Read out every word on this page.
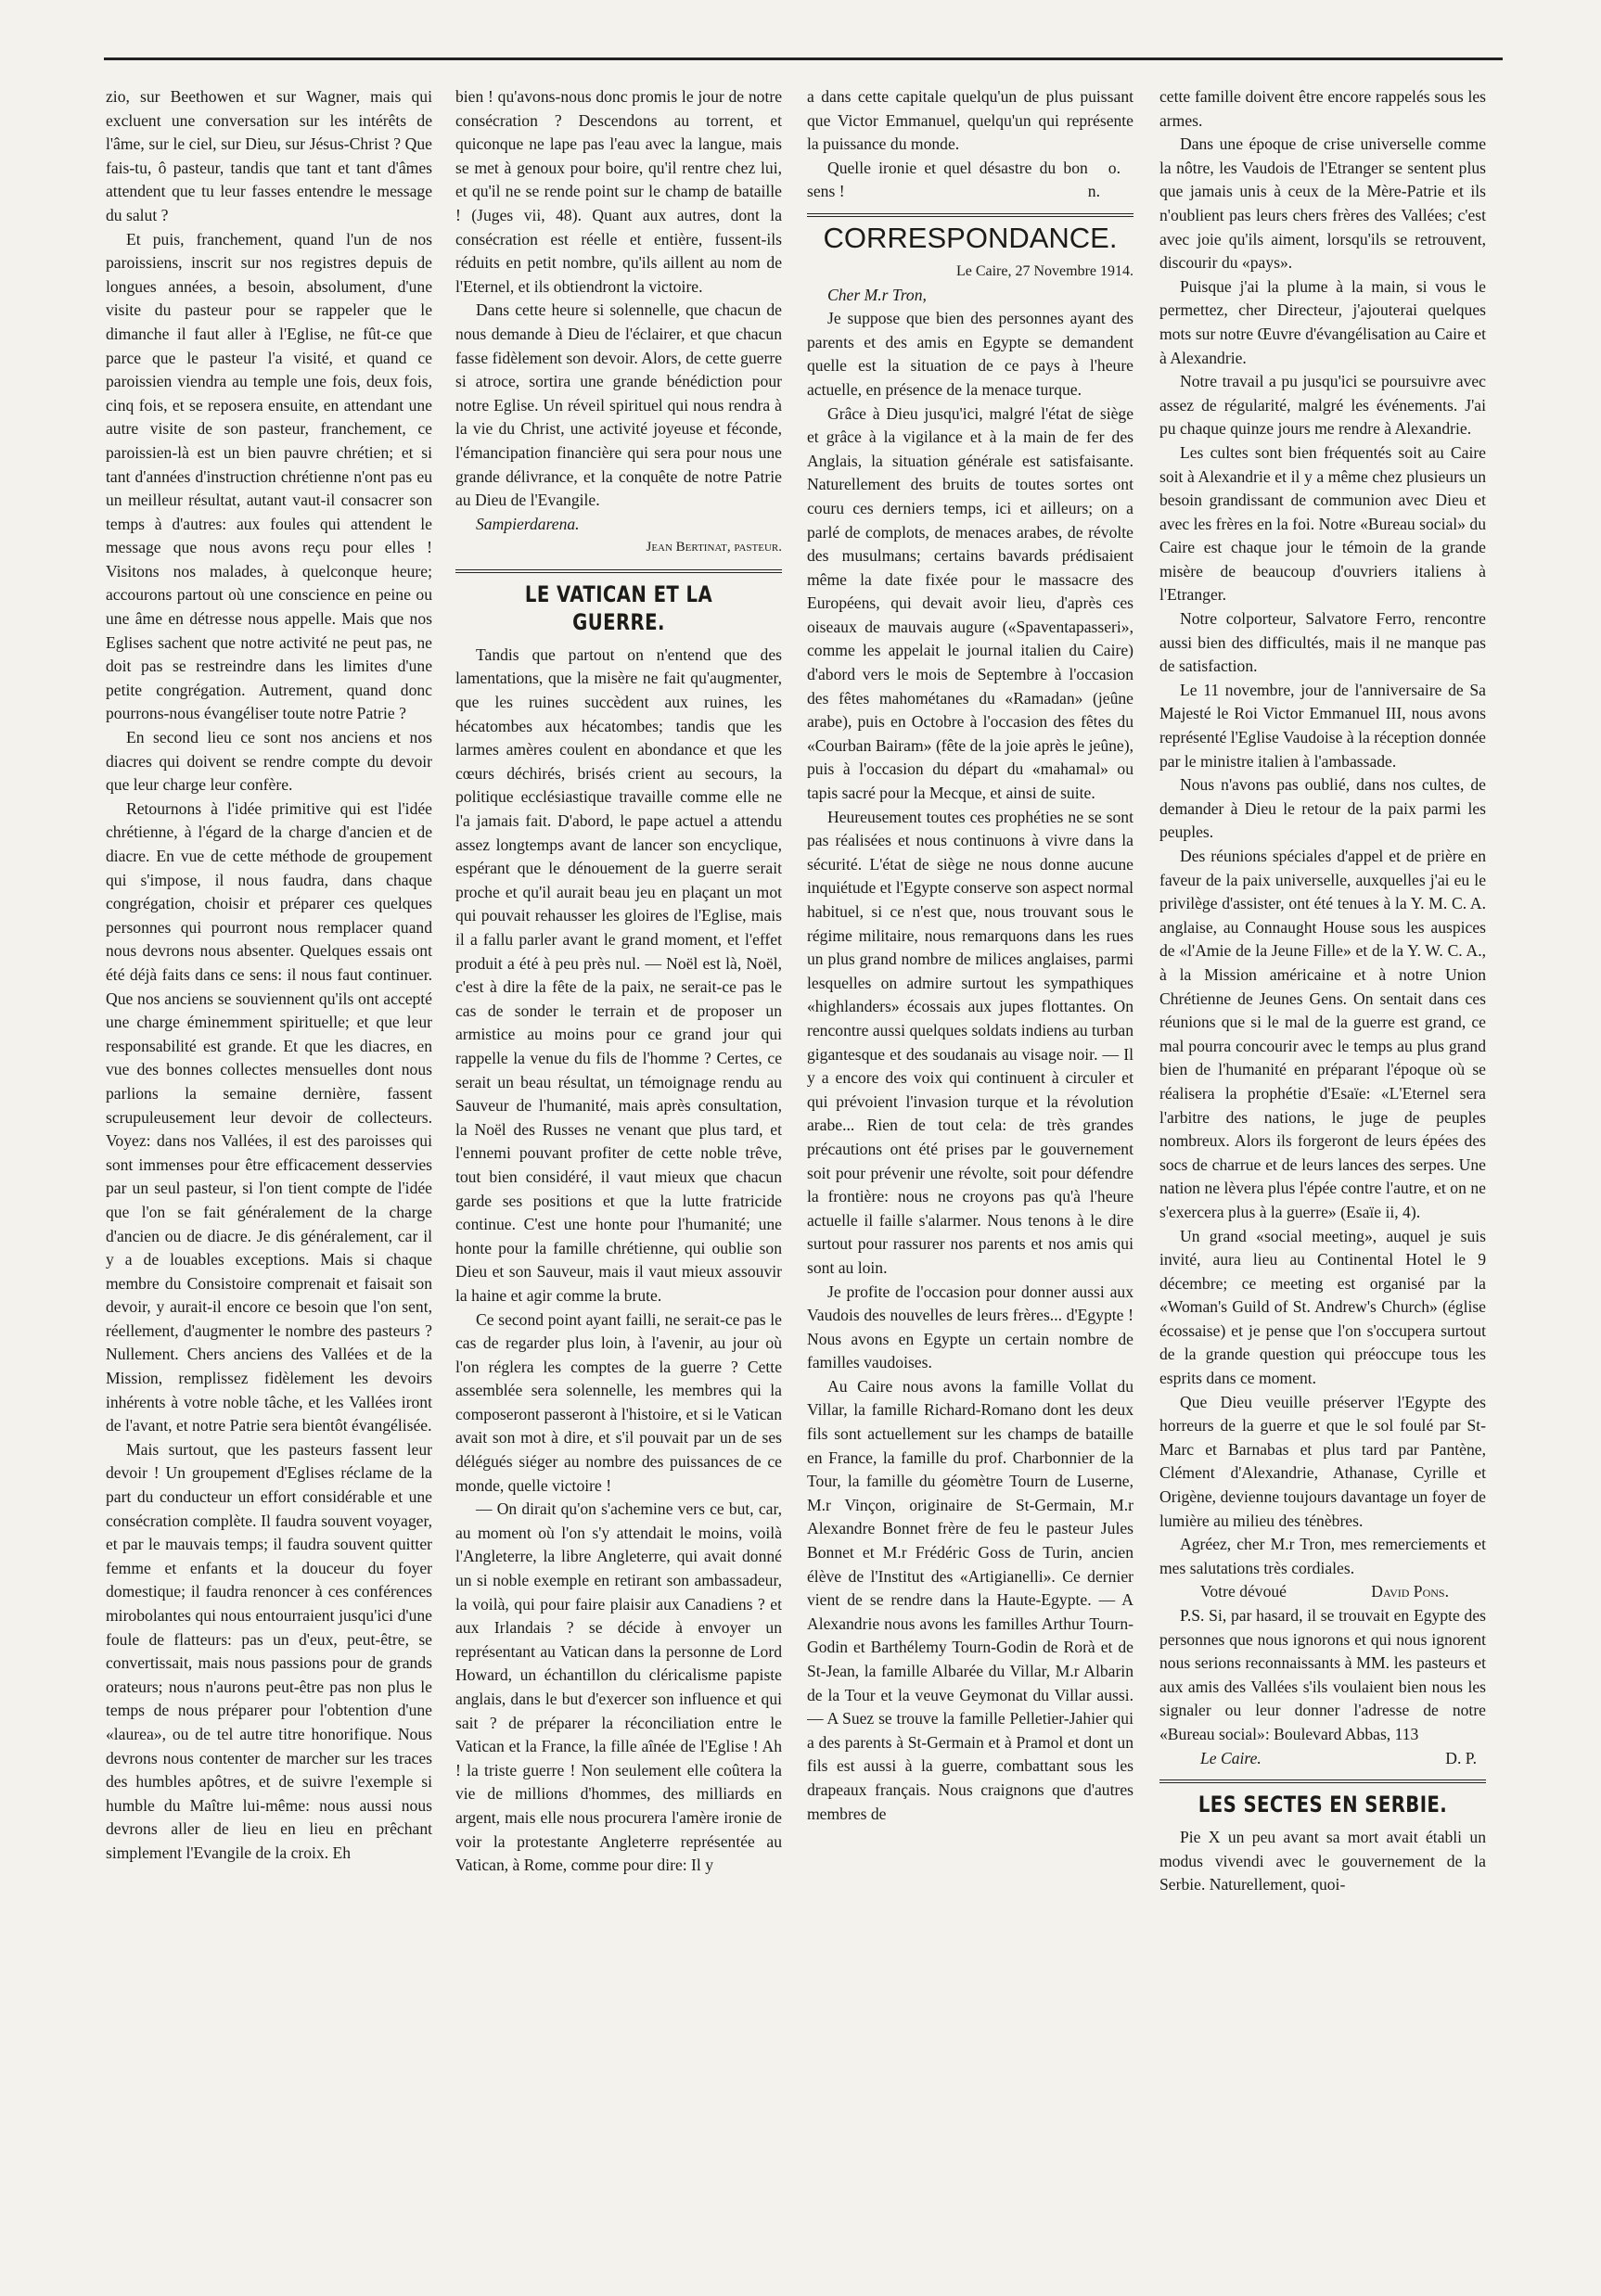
zio, sur Beethowen et sur Wagner, mais qui excluent une conversation sur les intérêts de l'âme, sur le ciel, sur Dieu, sur Jésus-Christ ? Que fais-tu, ô pasteur, tandis que tant et tant d'âmes attendent que tu leur fasses entendre le message du salut ?

Et puis, franchement, quand l'un de nos paroissiens, inscrit sur nos registres depuis de longues années, a besoin, absolument, d'une visite du pasteur pour se rappeler que le dimanche il faut aller à l'Eglise, ne fût-ce que parce que le pasteur l'a visité, et quand ce paroissien viendra au temple une fois, deux fois, cinq fois, et se reposera ensuite, en attendant une autre visite de son pasteur, franchement, ce paroissien-là est un bien pauvre chrétien; et si tant d'années d'instruction chrétienne n'ont pas eu un meilleur résultat, autant vaut-il consacrer son temps à d'autres: aux foules qui attendent le message que nous avons reçu pour elles ! Visitons nos malades, à quelconque heure; accourons partout où une conscience en peine ou une âme en détresse nous appelle. Mais que nos Eglises sachent que notre activité ne peut pas, ne doit pas se restreindre dans les limites d'une petite congrégation. Autrement, quand donc pourrons-nous évangéliser toute notre Patrie ?

En second lieu ce sont nos anciens et nos diacres qui doivent se rendre compte du devoir que leur charge leur confère.

Retournons à l'idée primitive qui est l'idée chrétienne, à l'égard de la charge d'ancien et de diacre. En vue de cette méthode de groupement qui s'impose, il nous faudra, dans chaque congrégation, choisir et préparer ces quelques personnes qui pourront nous remplacer quand nous devrons nous absenter. Quelques essais ont été déjà faits dans ce sens: il nous faut continuer. Que nos anciens se souviennent qu'ils ont accepté une charge éminemment spirituelle; et que leur responsabilité est grande. Et que les diacres, en vue des bonnes collectes mensuelles dont nous parlions la semaine dernière, fassent scrupuleusement leur devoir de collecteurs. Voyez: dans nos Vallées, il est des paroisses qui sont immenses pour être efficacement desservies par un seul pasteur, si l'on tient compte de l'idée que l'on se fait généralement de la charge d'ancien ou de diacre. Je dis généralement, car il y a de louables exceptions. Mais si chaque membre du Consistoire comprenait et faisait son devoir, y aurait-il encore ce besoin que l'on sent, réellement, d'augmenter le nombre des pasteurs ? Nullement. Chers anciens des Vallées et de la Mission, remplissez fidèlement les devoirs inhérents à votre noble tâche, et les Vallées iront de l'avant, et notre Patrie sera bientôt évangélisée.

Mais surtout, que les pasteurs fassent leur devoir ! Un groupement d'Eglises réclame de la part du conducteur un effort considérable et une consécration complète. Il faudra souvent voyager, et par le mauvais temps; il faudra souvent quitter femme et enfants et la douceur du foyer domestique; il faudra renoncer à ces conférences mirobolantes qui nous entourraient jusqu'ici d'une foule de flatteurs: pas un d'eux, peut-être, se convertissait, mais nous passions pour de grands orateurs; nous n'aurons peut-être pas non plus le temps de nous préparer pour l'obtention d'une «laurea», ou de tel autre titre honorifique. Nous devrons nous contenter de marcher sur les traces des humbles apôtres, et de suivre l'exemple si humble du Maître lui-même: nous aussi nous devrons aller de lieu en lieu en prêchant simplement l'Evangile de la croix. Eh

bien ! qu'avons-nous donc promis le jour de notre consécration ? Descendons au torrent, et quiconque ne lape pas l'eau avec la langue, mais se met à genoux pour boire, qu'il rentre chez lui, et qu'il ne se rende point sur le champ de bataille ! (Juges vii, 48). Quant aux autres, dont la consécration est réelle et entière, fussent-ils réduits en petit nombre, qu'ils aillent au nom de l'Eternel, et ils obtiendront la victoire.

Dans cette heure si solennelle, que chacun de nous demande à Dieu de l'éclairer, et que chacun fasse fidèlement son devoir. Alors, de cette guerre si atroce, sortira une grande bénédiction pour notre Eglise. Un réveil spirituel qui nous rendra à la vie du Christ, une activité joyeuse et féconde, l'émancipation financière qui sera pour nous une grande délivrance, et la conquête de notre Patrie au Dieu de l'Evangile.

Sampierdarena.

Jean Bertinat, pasteur.

LE VATICAN ET LA GUERRE.

Tandis que partout on n'entend que des lamentations, que la misère ne fait qu'augmenter, que les ruines succèdent aux ruines, les hécatombes aux hécatombes; tandis que les larmes amères coulent en abondance et que les cœurs déchirés, brisés crient au secours, la politique ecclésiastique travaille comme elle ne l'a jamais fait. D'abord, le pape actuel a attendu assez longtemps avant de lancer son encyclique, espérant que le dénouement de la guerre serait proche et qu'il aurait beau jeu en plaçant un mot qui pouvait rehausser les gloires de l'Eglise, mais il a fallu parler avant le grand moment, et l'effet produit a été à peu près nul. — Noël est là, Noël, c'est à dire la fête de la paix, ne serait-ce pas le cas de sonder le terrain et de proposer un armistice au moins pour ce grand jour qui rappelle la venue du fils de l'homme ? Certes, ce serait un beau résultat, un témoignage rendu au Sauveur de l'humanité, mais après consultation, la Noël des Russes ne venant que plus tard, et l'ennemi pouvant profiter de cette noble trêve, tout bien considéré, il vaut mieux que chacun garde ses positions et que la lutte fratricide continue. C'est une honte pour l'humanité; une honte pour la famille chrétienne, qui oublie son Dieu et son Sauveur, mais il vaut mieux assouvir la haine et agir comme la brute.

Ce second point ayant failli, ne serait-ce pas le cas de regarder plus loin, à l'avenir, au jour où l'on réglera les comptes de la guerre ? Cette assemblée sera solennelle, les membres qui la composeront passeront à l'histoire, et si le Vatican avait son mot à dire, et s'il pouvait par un de ses délégués siéger au nombre des puissances de ce monde, quelle victoire !

— On dirait qu'on s'achemine vers ce but, car, au moment où l'on s'y attendait le moins, voilà l'Angleterre, la libre Angleterre, qui avait donné un si noble exemple en retirant son ambassadeur, la voilà, qui pour faire plaisir aux Canadiens ? et aux Irlandais ? se décide à envoyer un représentant au Vatican dans la personne de Lord Howard, un échantillon du cléricalisme papiste anglais, dans le but d'exercer son influence et qui sait ? de préparer la réconciliation entre le Vatican et la France, la fille aînée de l'Eglise ! Ah ! la triste guerre ! Non seulement elle coûtera la vie de millions d'hommes, des milliards en argent, mais elle nous procurera l'amère ironie de voir la protestante Angleterre représentée au Vatican, à Rome, comme pour dire: Il y

a dans cette capitale quelqu'un de plus puissant que Victor Emmanuel, quelqu'un qui représente la puissance du monde.

Quelle ironie et quel désastre du bon sens !
o. n.

CORRESPONDANCE.

Le Caire, 27 Novembre 1914.

Cher M.r Tron,

Je suppose que bien des personnes ayant des parents et des amis en Egypte se demandent quelle est la situation de ce pays à l'heure actuelle, en présence de la menace turque.

Grâce à Dieu jusqu'ici, malgré l'état de siège et grâce à la vigilance et à la main de fer des Anglais, la situation générale est satisfaisante. Naturellement des bruits de toutes sortes ont couru ces derniers temps, ici et ailleurs; on a parlé de complots, de menaces arabes, de révolte des musulmans; certains bavards prédisaient même la date fixée pour le massacre des Européens, qui devait avoir lieu, d'après ces oiseaux de mauvais augure («Spaventapasseri», comme les appelait le journal italien du Caire) d'abord vers le mois de Septembre à l'occasion des fêtes mahométanes du «Ramadan» (jeûne arabe), puis en Octobre à l'occasion des fêtes du «Courban Bairam» (fête de la joie après le jeûne), puis à l'occasion du départ du «mahamal» ou tapis sacré pour la Mecque, et ainsi de suite.

Heureusement toutes ces prophéties ne se sont pas réalisées et nous continuons à vivre dans la sécurité. L'état de siège ne nous donne aucune inquiétude et l'Egypte conserve son aspect normal habituel, si ce n'est que, nous trouvant sous le régime militaire, nous remarquons dans les rues un plus grand nombre de milices anglaises, parmi lesquelles on admire surtout les sympathiques «highlanders» écossais aux jupes flottantes. On rencontre aussi quelques soldats indiens au turban gigantesque et des soudanais au visage noir. — Il y a encore des voix qui continuent à circuler et qui prévoient l'invasion turque et la révolution arabe... Rien de tout cela: de très grandes précautions ont été prises par le gouvernement soit pour prévenir une révolte, soit pour défendre la frontière: nous ne croyons pas qu'à l'heure actuelle il faille s'alarmer. Nous tenons à le dire surtout pour rassurer nos parents et nos amis qui sont au loin.

Je profite de l'occasion pour donner aussi aux Vaudois des nouvelles de leurs frères... d'Egypte ! Nous avons en Egypte un certain nombre de familles vaudoises.

Au Caire nous avons la famille Vollat du Villar, la famille Richard-Romano dont les deux fils sont actuellement sur les champs de bataille en France, la famille du prof. Charbonnier de la Tour, la famille du géomètre Tourn de Luserne, M.r Vinçon, originaire de St-Germain, M.r Alexandre Bonnet frère de feu le pasteur Jules Bonnet et M.r Frédéric Goss de Turin, ancien élève de l'Institut des «Artigianelli». Ce dernier vient de se rendre dans la Haute-Egypte. — A Alexandrie nous avons les familles Arthur Tourn-Godin et Barthélemy Tourn-Godin de Rorà et de St-Jean, la famille Albarée du Villar, M.r Albarin de la Tour et la veuve Geymonat du Villar aussi. — A Suez se trouve la famille Pelletier-Jahier qui a des parents à St-Germain et à Pramol et dont un fils est aussi à la guerre, combattant sous les drapeaux français. Nous craignons que d'autres membres de

cette famille doivent être encore rappelés sous les armes.

Dans une époque de crise universelle comme la nôtre, les Vaudois de l'Etranger se sentent plus que jamais unis à ceux de la Mère-Patrie et ils n'oublient pas leurs chers frères des Vallées; c'est avec joie qu'ils aiment, lorsqu'ils se retrouvent, discourir du «pays».

Puisque j'ai la plume à la main, si vous le permettez, cher Directeur, j'ajouterai quelques mots sur notre Œuvre d'évangélisation au Caire et à Alexandrie.

Notre travail a pu jusqu'ici se poursuivre avec assez de régularité, malgré les événements. J'ai pu chaque quinze jours me rendre à Alexandrie.

Les cultes sont bien fréquentés soit au Caire soit à Alexandrie et il y a même chez plusieurs un besoin grandissant de communion avec Dieu et avec les frères en la foi. Notre «Bureau social» du Caire est chaque jour le témoin de la grande misère de beaucoup d'ouvriers italiens à l'Etranger.

Notre colporteur, Salvatore Ferro, rencontre aussi bien des difficultés, mais il ne manque pas de satisfaction.

Le 11 novembre, jour de l'anniversaire de Sa Majesté le Roi Victor Emmanuel III, nous avons représenté l'Eglise Vaudoise à la réception donnée par le ministre italien à l'ambassade.

Nous n'avons pas oublié, dans nos cultes, de demander à Dieu le retour de la paix parmi les peuples.

Des réunions spéciales d'appel et de prière en faveur de la paix universelle, auxquelles j'ai eu le privilège d'assister, ont été tenues à la Y. M. C. A. anglaise, au Connaught House sous les auspices de «l'Amie de la Jeune Fille» et de la Y. W. C. A., à la Mission américaine et à notre Union Chrétienne de Jeunes Gens. On sentait dans ces réunions que si le mal de la guerre est grand, ce mal pourra concourir avec le temps au plus grand bien de l'humanité en préparant l'époque où se réalisera la prophétie d'Esaïe: «L'Eternel sera l'arbitre des nations, le juge de peuples nombreux. Alors ils forgeront de leurs épées des socs de charrue et de leurs lances des serpes. Une nation ne lèvera plus l'épée contre l'autre, et on ne s'exercera plus à la guerre» (Esaïe ii, 4).

Un grand «social meeting», auquel je suis invité, aura lieu au Continental Hotel le 9 décembre; ce meeting est organisé par la «Woman's Guild of St. Andrew's Church» (église écossaise) et je pense que l'on s'occupera surtout de la grande question qui préoccupe tous les esprits dans ce moment.

Que Dieu veuille préserver l'Egypte des horreurs de la guerre et que le sol foulé par St-Marc et Barnabas et plus tard par Pantène, Clément d'Alexandrie, Athanase, Cyrille et Origène, devienne toujours davantage un foyer de lumière au milieu des ténèbres.

Agréez, cher M.r Tron, mes remerciements et mes salutations très cordiales.

Votre dévoué	David Pons.

P.S. Si, par hasard, il se trouvait en Egypte des personnes que nous ignorons et qui nous ignorent nous serions reconnaissants à MM. les pasteurs et aux amis des Vallées s'ils voulaient bien nous les signaler ou leur donner l'adresse de notre «Bureau social»: Boulevard Abbas, 113

Le Caire.	D. P.

LES SECTES EN SERBIE.

Pie X un peu avant sa mort avait établi un modus vivendi avec le gouvernement de la Serbie. Naturellement, quoi-
